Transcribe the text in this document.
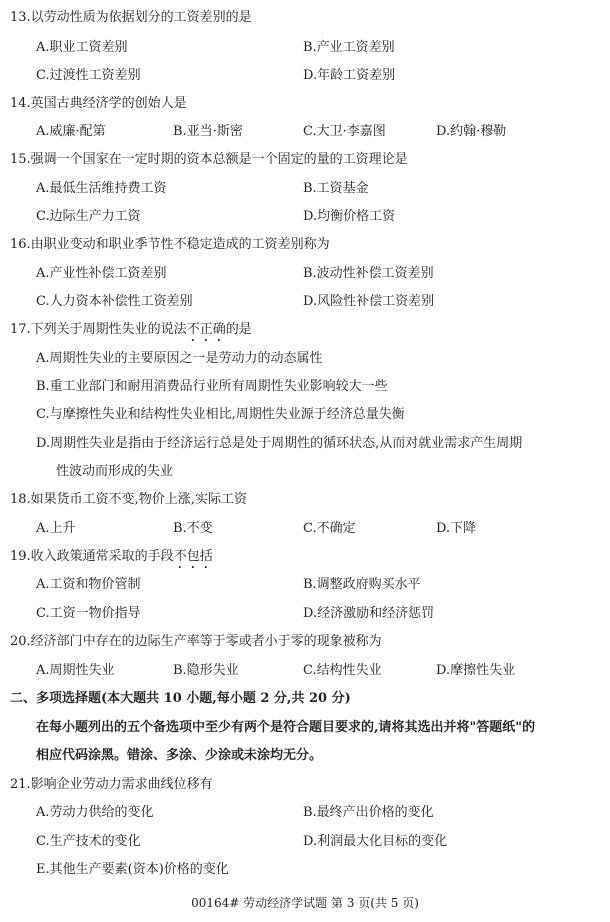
13.以劳动性质为依据划分的工资差别的是
A.职业工资差别	B.产业工资差别
C.过渡性工资差别	D.年龄工资差别
14.英国古典经济学的创始人是
A.威廉·配第	B.亚当·斯密	C.大卫·李嘉图	D.约翰·穆勒
15.强调一个国家在一定时期的资本总额是一个固定的量的工资理论是
A.最低生活维持费工资	B.工资基金
C.边际生产力工资	D.均衡价格工资
16.由职业变动和职业季节性不稳定造成的工资差别称为
A.产业性补偿工资差别	B.波动性补偿工资差别
C.人力资本补偿性工资差别	D.风险性补偿工资差别
17.下列关于周期性失业的说法不正确的是
A.周期性失业的主要原因之一是劳动力的动态属性
B.重工业部门和耐用消费品行业所有周期性失业影响较大一些
C.与摩擦性失业和结构性失业相比,周期性失业源于经济总量失衡
D.周期性失业是指由于经济运行总是处于周期性的循环状态,从而对就业需求产生周期
性波动而形成的失业
18.如果货币工资不变,物价上涨,实际工资
A.上升	B.不变	C.不确定	D.下降
19.收入政策通常采取的手段不包括
A.工资和物价管制	B.调整政府购买水平
C.工资一物价指导	D.经济激励和经济惩罚
20.经济部门中存在的边际生产率等于零或者小于零的现象被称为
A.周期性失业	B.隐形失业	C.结构性失业	D.摩擦性失业
二、多项选择题(本大题共 10 小题,每小题 2 分,共 20 分)
在每小题列出的五个备选项中至少有两个是符合题目要求的,请将其选出并将"答题纸"的
相应代码涂黑。错涂、多涂、少涂或未涂均无分。
21.影响企业劳动力需求曲线位移有
A.劳动力供给的变化	B.最终产出价格的变化
C.生产技术的变化	D.利润最大化目标的变化
E.其他生产要素(资本)价格的变化
00164# 劳动经济学试题 第 3 页(共 5 页)
